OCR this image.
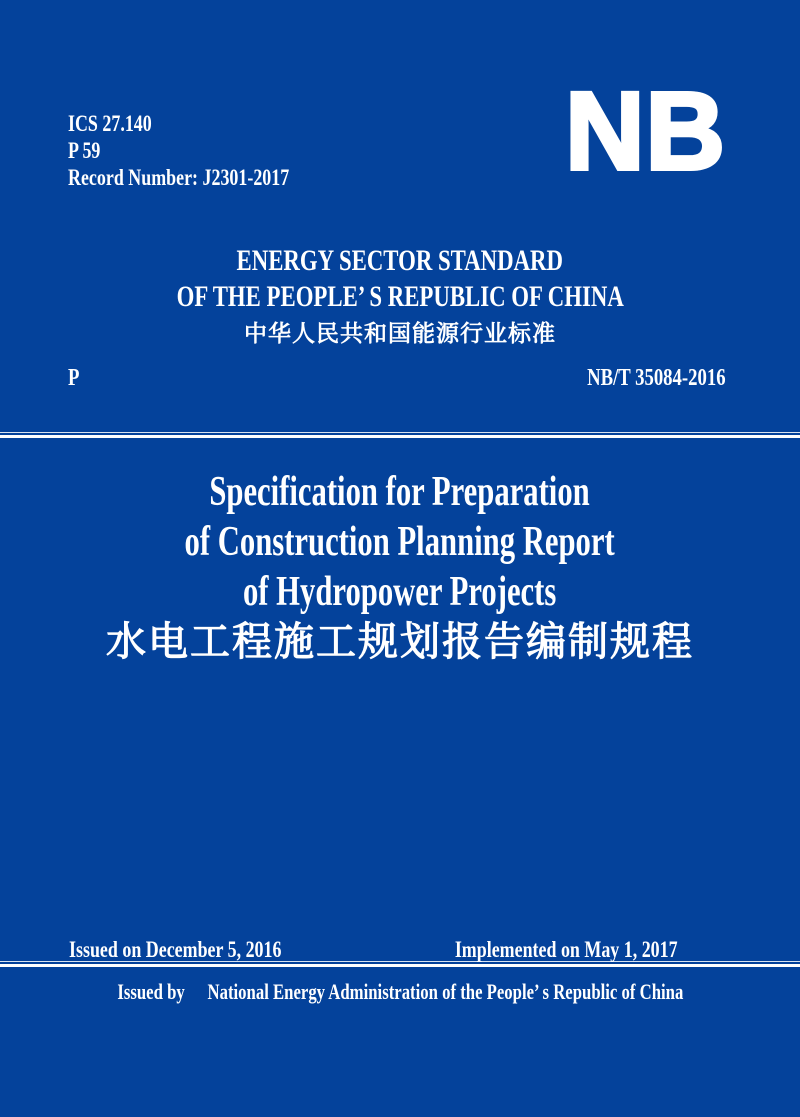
ICS 27.140
P 59
Record Number: J2301-2017	NB
ENERGY SECTOR STANDARD
OF THE PEOPLE’ S REPUBLIC OF CHINA
中华人民共和国能源行业标准
P	NB/T 35084-2016
Specification for Preparation
of Construction Planning Report
of Hydropower Projects
水电工程施工规划报告编制规程
Issued on December 5, 2016	Implemented on May 1, 2017
Issued by National Energy Administration of the People’ s Republic of China
